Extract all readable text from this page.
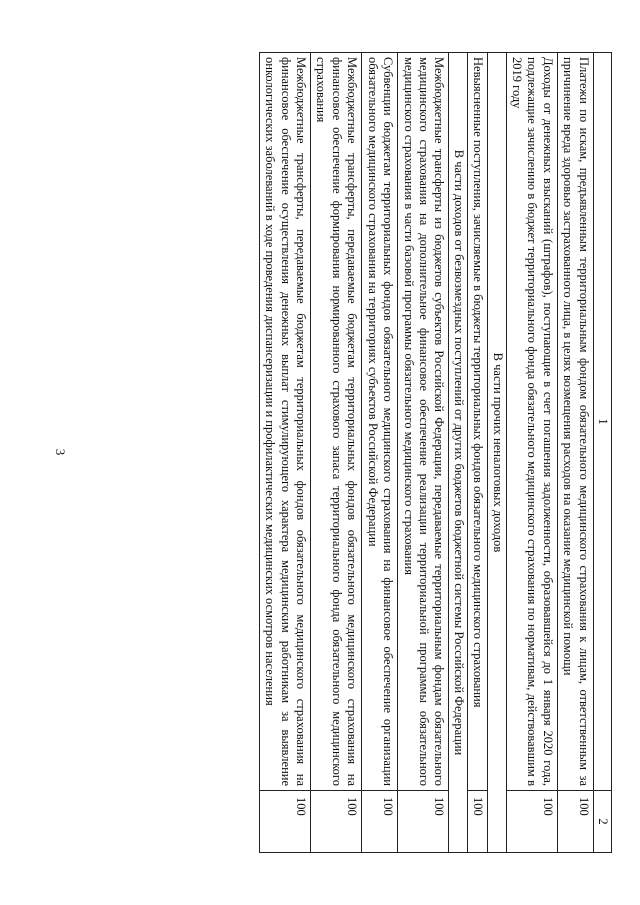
3
1	2
Платежи по искам, предъявленным территориальным фондом обязательного медицинского страхования к лицам, ответственным за причинение вреда здоровью застрахованного лица, в целях возмещения расходов на оказание медицинской помощи	100
Доходы от денежных взысканий (штрафов), поступающие в счет погашения задолженности, образовавшейся до 1 января 2020 года, подлежащие зачислению в бюджет территориального фонда обязательного медицинского страхования по нормативам, действовавшим в 2019 году	100
В части прочих неналоговых доходов	
Невыясненные поступления, зачисляемые в бюджеты территориальных фондов обязательного медицинского страхования	100
В части доходов от безвозмездных поступлений от других бюджетов бюджетной системы Российской Федерации	
Межбюджетные трансферты из бюджетов субъектов Российской Федерации, передаваемые территориальным фондам обязательного медицинского страхования на дополнительное финансовое обеспечение реализации территориальной программы обязательного медицинского страхования в части базовой программы обязательного медицинского страхования	100
Субвенции бюджетам территориальных фондов обязательного медицинского страхования на финансовое обеспечение организации обязательного медицинского страхования на территориях субъектов Российской Федерации	100
Межбюджетные трансферты, передаваемые бюджетам территориальных фондов обязательного медицинского страхования на финансовое обеспечение формирования нормированного страхового запаса территориального фонда обязательного медицинского страхования	100
Межбюджетные трансферты, передаваемые бюджетам территориальных фондов обязательного медицинского страхования на финансовое обеспечение осуществления денежных выплат стимулирующего характера медицинским работникам за выявление онкологических заболеваний в ходе проведения диспансеризации и профилактических медицинских осмотров населения	100
